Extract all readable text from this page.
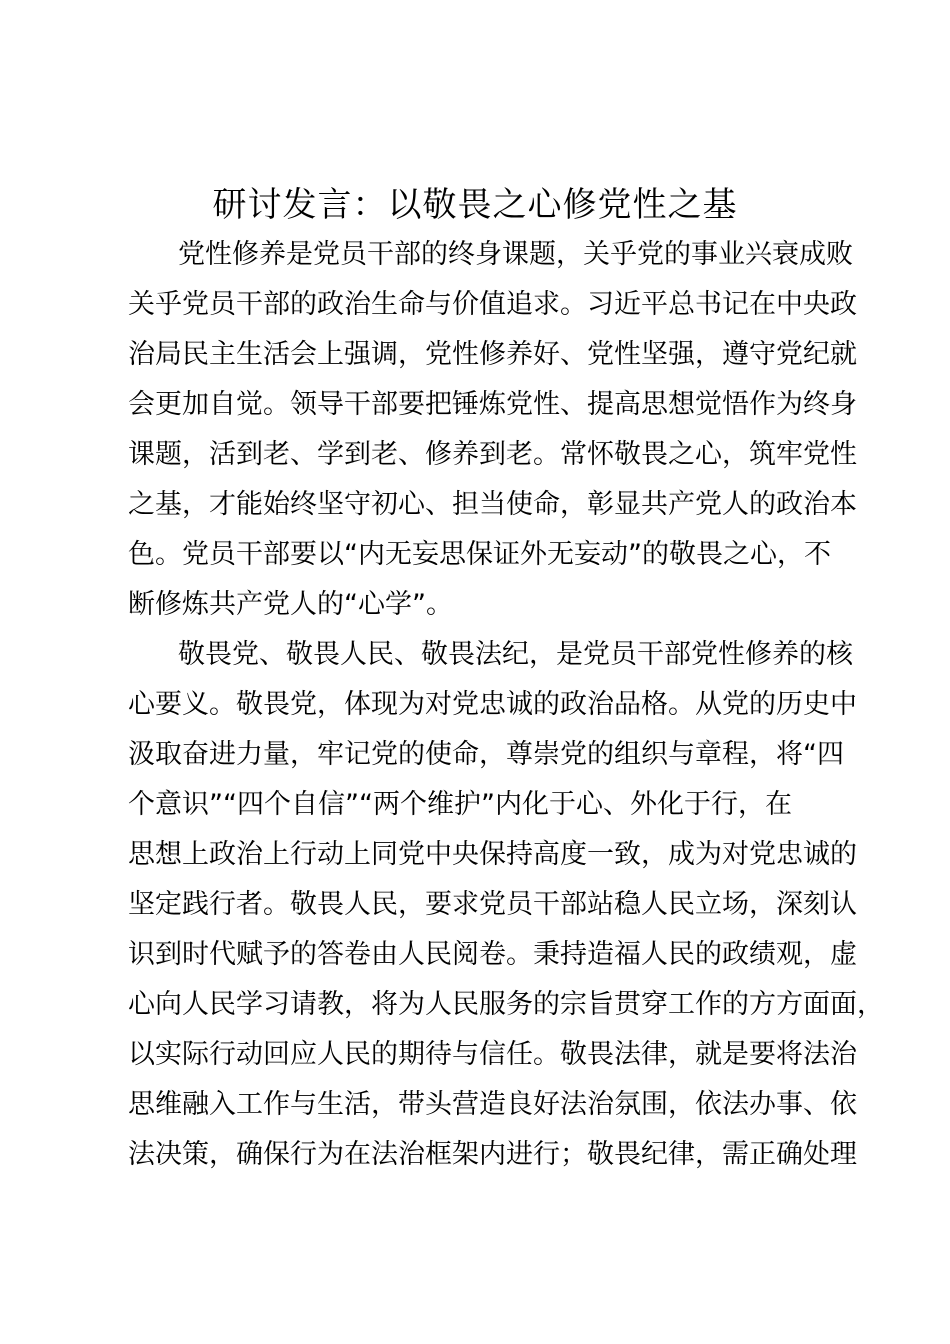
研讨发言：以敬畏之心修党性之基
党性修养是党员干部的终身课题，关乎党的事业兴衰成败
关乎党员干部的政治生命与价值追求。习近平总书记在中央政
治局民主生活会上强调，党性修养好、党性坚强，遵守党纪就
会更加自觉。领导干部要把锤炼党性、提高思想觉悟作为终身
课题，活到老、学到老、修养到老。常怀敬畏之心，筑牢党性
之基，才能始终坚守初心、担当使命，彰显共产党人的政治本
色。党员干部要以“内无妄思保证外无妄动”的敬畏之心，不
断修炼共产党人的“心学”。
敬畏党、敬畏人民、敬畏法纪，是党员干部党性修养的核
心要义。敬畏党，体现为对党忠诚的政治品格。从党的历史中
汲取奋进力量，牢记党的使命，尊崇党的组织与章程，将“四
个意识”“四个自信”“两个维护”内化于心、外化于行，在
思想上政治上行动上同党中央保持高度一致，成为对党忠诚的
坚定践行者。敬畏人民，要求党员干部站稳人民立场，深刻认
识到时代赋予的答卷由人民阅卷。秉持造福人民的政绩观，虚
心向人民学习请教，将为人民服务的宗旨贯穿工作的方方面面，
以实际行动回应人民的期待与信任。敬畏法律，就是要将法治
思维融入工作与生活，带头营造良好法治氛围，依法办事、依
法决策，确保行为在法治框架内进行；敬畏纪律，需正确处理
